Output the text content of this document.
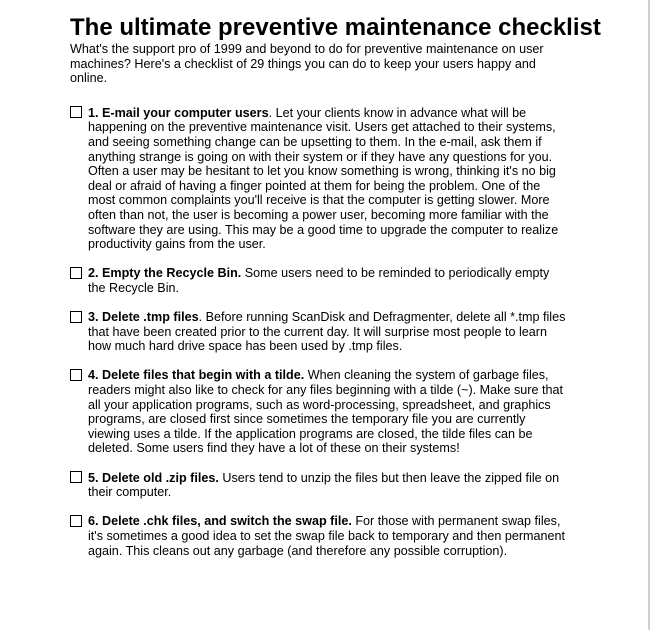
The ultimate preventive maintenance checklist

What's the support pro of 1999 and beyond to do for preventive maintenance on user machines? Here's a checklist of 29 things you can do to keep your users happy and online.

1. E-mail your computer users. Let your clients know in advance what will be happening on the preventive maintenance visit. Users get attached to their systems, and seeing something change can be upsetting to them. In the e-mail, ask them if anything strange is going on with their system or if they have any questions for you. Often a user may be hesitant to let you know something is wrong, thinking it's no big deal or afraid of having a finger pointed at them for being the problem. One of the most common complaints you'll receive is that the computer is getting slower. More often than not, the user is becoming a power user, becoming more familiar with the software they are using. This may be a good time to upgrade the computer to realize productivity gains from the user.
2. Empty the Recycle Bin. Some users need to be reminded to periodically empty the Recycle Bin.
3. Delete .tmp files. Before running ScanDisk and Defragmenter, delete all *.tmp files that have been created prior to the current day. It will surprise most people to learn how much hard drive space has been used by .tmp files.
4. Delete files that begin with a tilde. When cleaning the system of garbage files, readers might also like to check for any files beginning with a tilde (~). Make sure that all your application programs, such as word-processing, spreadsheet, and graphics programs, are closed first since sometimes the temporary file you are currently viewing uses a tilde. If the application programs are closed, the tilde files can be deleted. Some users find they have a lot of these on their systems!
5. Delete old .zip files. Users tend to unzip the files but then leave the zipped file on their computer.
6. Delete .chk files, and switch the swap file. For those with permanent swap files, it's sometimes a good idea to set the swap file back to temporary and then permanent again. This cleans out any garbage (and therefore any possible corruption).
